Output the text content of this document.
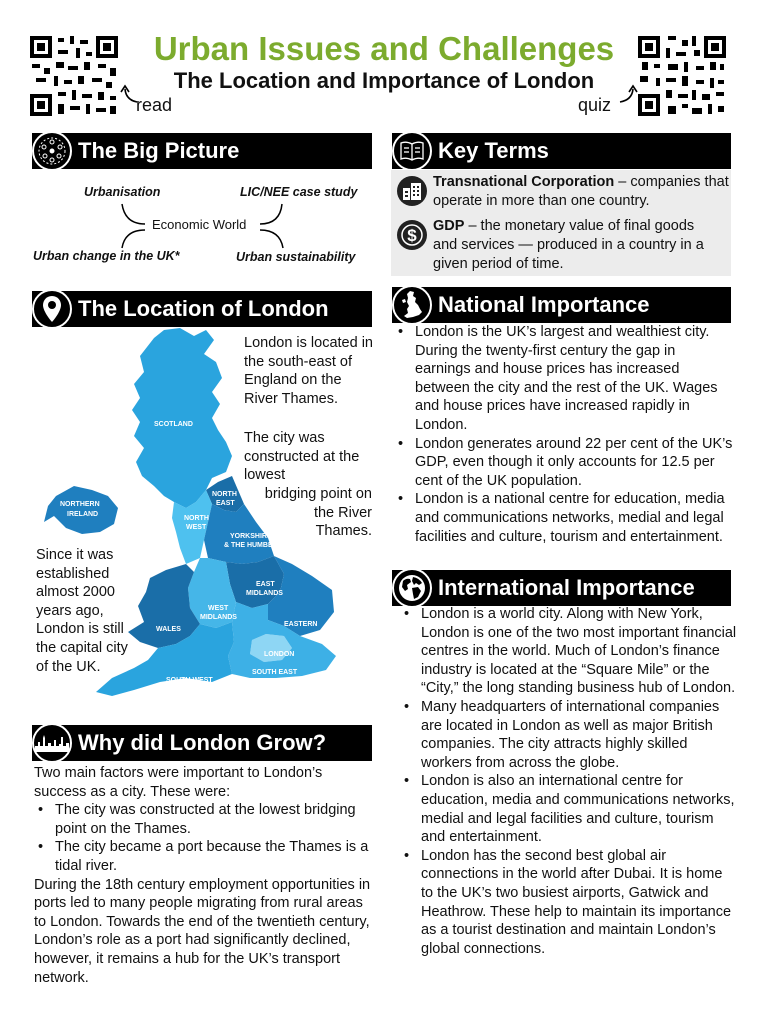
read	quiz
Urban Issues and Challenges
The Location and Importance of London
The Big Picture
Urbanisation	LIC/NEE case study
Urban change in the UK*	Urban sustainability
Economic World
Key Terms
Transnational Corporation – companies that operate in more than one country.
$ GDP – the monetary value of final goods and services — produced in a country in a given period of time.
The Location of London
SCOTLAND
NORTHERN
IRELAND
NORTH
EAST
NORTH
WEST
YORKSHIRE
& THE HUMBER
EAST
MIDLANDS
WEST
MIDLANDS
WALES
EASTERN
LONDON
SOUTH EAST
SOUTH WEST
London is located in the south-east of England on the River Thames.
The city was constructed at the lowest
bridging point on the River Thames.
Since it was established almost 2000 years ago, London is still the capital city of the UK.
Why did London Grow?
Two main factors were important to London’s success as a city. These were:
• The city was constructed at the lowest bridging point on the Thames.
• The city became a port because the Thames is a tidal river.
During the 18th century employment opportunities in ports led to many people migrating from rural areas to London. Towards the end of the twentieth century, London’s role as a port had significantly declined, however, it remains a hub for the UK’s transport network.
National Importance
• London is the UK’s largest and wealthiest city. During the twenty-first century the gap in earnings and house prices has increased between the city and the rest of the UK. Wages and house prices have increased rapidly in London.
• London generates around 22 per cent of the UK’s GDP, even though it only accounts for 12.5 per cent of the UK population.
• London is a national centre for education, media and communications networks, medial and legal facilities and culture, tourism and entertainment.
International Importance
• London is a world city. Along with New York, London is one of the two most important financial centres in the world. Much of London’s finance industry is located at the “Square Mile” or the “City,” the long standing business hub of London.
• Many headquarters of international companies are located in London as well as major British companies. The city attracts highly skilled workers from across the globe.
• London is also an international centre for education, media and communications networks, medial and legal facilities and culture, tourism and entertainment.
• London has the second best global air connections in the world after Dubai. It is home to the UK’s two busiest airports, Gatwick and Heathrow. These help to maintain its importance as a tourist destination and maintain London’s global connections.
